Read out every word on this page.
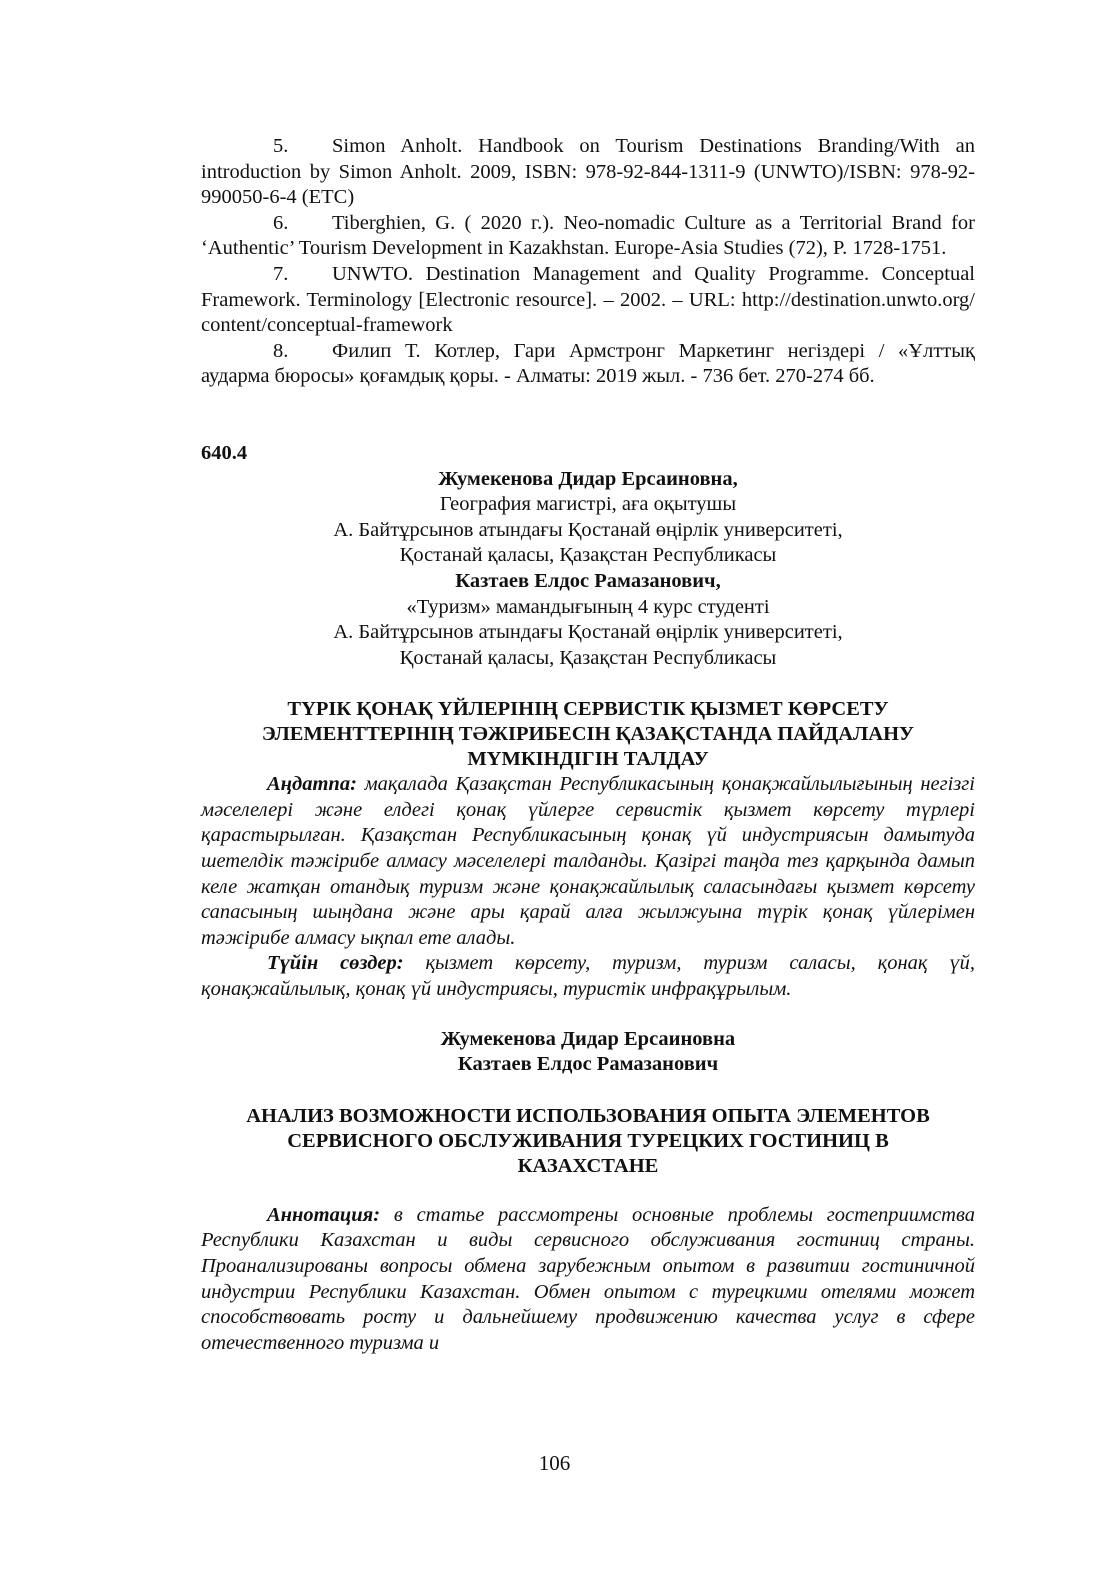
5. Simon Anholt. Handbook on Tourism Destinations Branding/With an introduction by Simon Anholt. 2009, ISBN: 978-92-844-1311-9 (UNWTO)/ISBN: 978-92-990050-6-4 (ETC)

6. Tiberghien, G. ( 2020 г.). Neo-nomadic Culture as a Territorial Brand for ‘Authentic’ Tourism Development in Kazakhstan. Europe-Asia Studies (72), P. 1728-1751.

7. UNWTO. Destination Management and Quality Programme. Conceptual Framework. Terminology [Electronic resource]. – 2002. – URL: http://destination.unwto.org/ content/conceptual-framework

8. Филип Т. Котлер, Гари Армстронг Маркетинг негіздері / «Ұлттық аударма бюросы» қоғамдық қоры. - Алматы: 2019 жыл. - 736 бет. 270-274 бб.

640.4

Жумекенова Дидар Ерсаиновна,

География магистрі, аға оқытушы

А. Байтұрсынов атындағы Қостанай өңірлік университеті,

Қостанай қаласы, Қазақстан Республикасы

Казтаев Елдос Рамазанович,

«Туризм» мамандығының 4 курс студенті

А. Байтұрсынов атындағы Қостанай өңірлік университеті,

Қостанай қаласы, Қазақстан Республикасы

ТҮРІК ҚОНАҚ ҮЙЛЕРІНІҢ СЕРВИСТІК ҚЫЗМЕТ КӨРСЕТУ

ЭЛЕМЕНТТЕРІНІҢ ТӘЖІРИБЕСІН ҚАЗАҚСТАНДА ПАЙДАЛАНУ

МҮМКІНДІГІН ТАЛДАУ

Аңдатпа: мақалада Қазақстан Республикасының қонақжайлылығының негізгі мәселелері және елдегі қонақ үйлерге сервистік қызмет көрсету түрлері қарастырылған. Қазақстан Республикасының қонақ үй индустриясын дамытуда шетелдік тәжірибе алмасу мәселелері талданды. Қазіргі таңда тез қарқында дамып келе жатқан отандық туризм және қонақжайлылық саласындағы қызмет көрсету сапасының шыңдана және ары қарай алға жылжуына түрік қонақ үйлерімен тәжірибе алмасу ықпал ете алады.

Түйін сөздер: қызмет көрсету, туризм, туризм саласы, қонақ үй, қонақжайлылық, қонақ үй индустриясы, туристік инфрақұрылым.

Жумекенова Дидар Ерсаиновна

Казтаев Елдос Рамазанович

АНАЛИЗ ВОЗМОЖНОСТИ ИСПОЛЬЗОВАНИЯ ОПЫТА ЭЛЕМЕНТОВ

СЕРВИСНОГО ОБСЛУЖИВАНИЯ ТУРЕЦКИХ ГОСТИНИЦ В

КАЗАХСТАНЕ

Аннотация: в статье рассмотрены основные проблемы гостеприимства Республики Казахстан и виды сервисного обслуживания гостиниц страны. Проанализированы вопросы обмена зарубежным опытом в развитии гостиничной индустрии Республики Казахстан. Обмен опытом с турецкими отелями может способствовать росту и дальнейшему продвижению качества услуг в сфере отечественного туризма и

106
